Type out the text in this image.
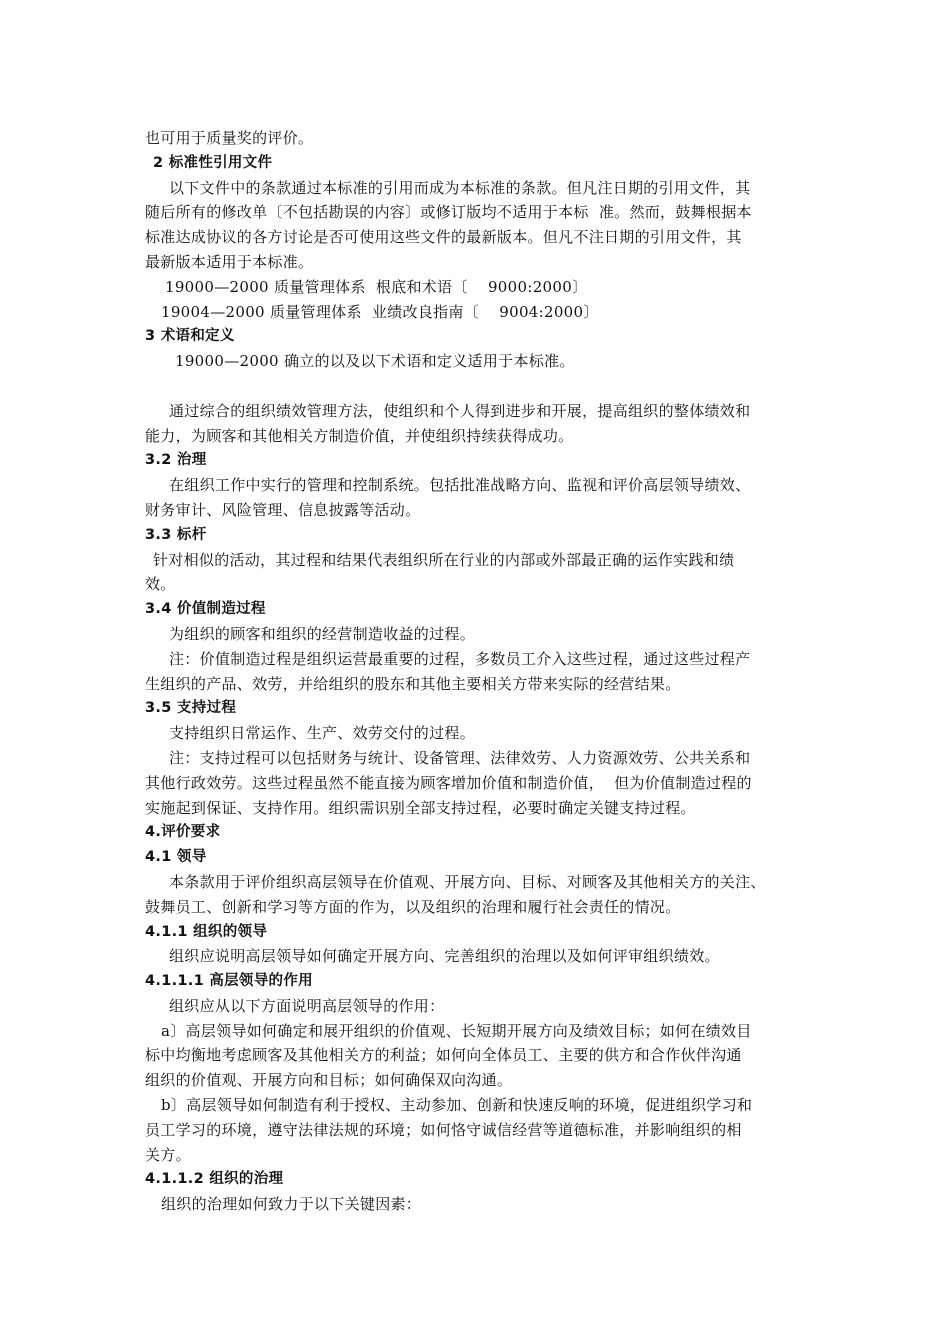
也可用于质量奖的评价。
2 标准性引用文件
以下文件中的条款通过本标准的引用而成为本标准的条款。但凡注日期的引用文件，其
随后所有的修改单〔不包括勘误的内容〕或修订版均不适用于本标  准。然而，鼓舞根据本
标准达成协议的各方讨论是否可使用这些文件的最新版本。但凡不注日期的引用文件，其
最新版本适用于本标准。
19000—2000 质量管理体系  根底和术语〔    9000:2000〕
19004—2000 质量管理体系  业绩改良指南〔    9004:2000〕
3 术语和定义
19000—2000 确立的以及以下术语和定义适用于本标准。
通过综合的组织绩效管理方法，使组织和个人得到进步和开展，提高组织的整体绩效和
能力，为顾客和其他相关方制造价值，并使组织持续获得成功。
3.2 治理
在组织工作中实行的管理和控制系统。包括批准战略方向、监视和评价高层领导绩效、
财务审计、风险管理、信息披露等活动。
3.3 标杆
针对相似的活动，其过程和结果代表组织所在行业的内部或外部最正确的运作实践和绩
效。
3.4 价值制造过程
为组织的顾客和组织的经营制造收益的过程。
注：价值制造过程是组织运营最重要的过程，多数员工介入这些过程，通过这些过程产
生组织的产品、效劳，并给组织的股东和其他主要相关方带来实际的经营结果。
3.5 支持过程
支持组织日常运作、生产、效劳交付的过程。
注：支持过程可以包括财务与统计、设备管理、法律效劳、人力资源效劳、公共关系和
其他行政效劳。这些过程虽然不能直接为顾客增加价值和制造价值，  但为价值制造过程的
实施起到保证、支持作用。组织需识别全部支持过程，必要时确定关键支持过程。
4.评价要求
4.1 领导
本条款用于评价组织高层领导在价值观、开展方向、目标、对顾客及其他相关方的关注、
鼓舞员工、创新和学习等方面的作为，以及组织的治理和履行社会责任的情况。
4.1.1 组织的领导
组织应说明高层领导如何确定开展方向、完善组织的治理以及如何评审组织绩效。
4.1.1.1 高层领导的作用
组织应从以下方面说明高层领导的作用：
a〕高层领导如何确定和展开组织的价值观、长短期开展方向及绩效目标；如何在绩效目
标中均衡地考虑顾客及其他相关方的利益；如何向全体员工、主要的供方和合作伙伴沟通
组织的价值观、开展方向和目标；如何确保双向沟通。
b〕高层领导如何制造有利于授权、主动参加、创新和快速反响的环境，促进组织学习和
员工学习的环境，遵守法律法规的环境；如何恪守诚信经营等道德标准，并影响组织的相
关方。
4.1.1.2 组织的治理
组织的治理如何致力于以下关键因素：
